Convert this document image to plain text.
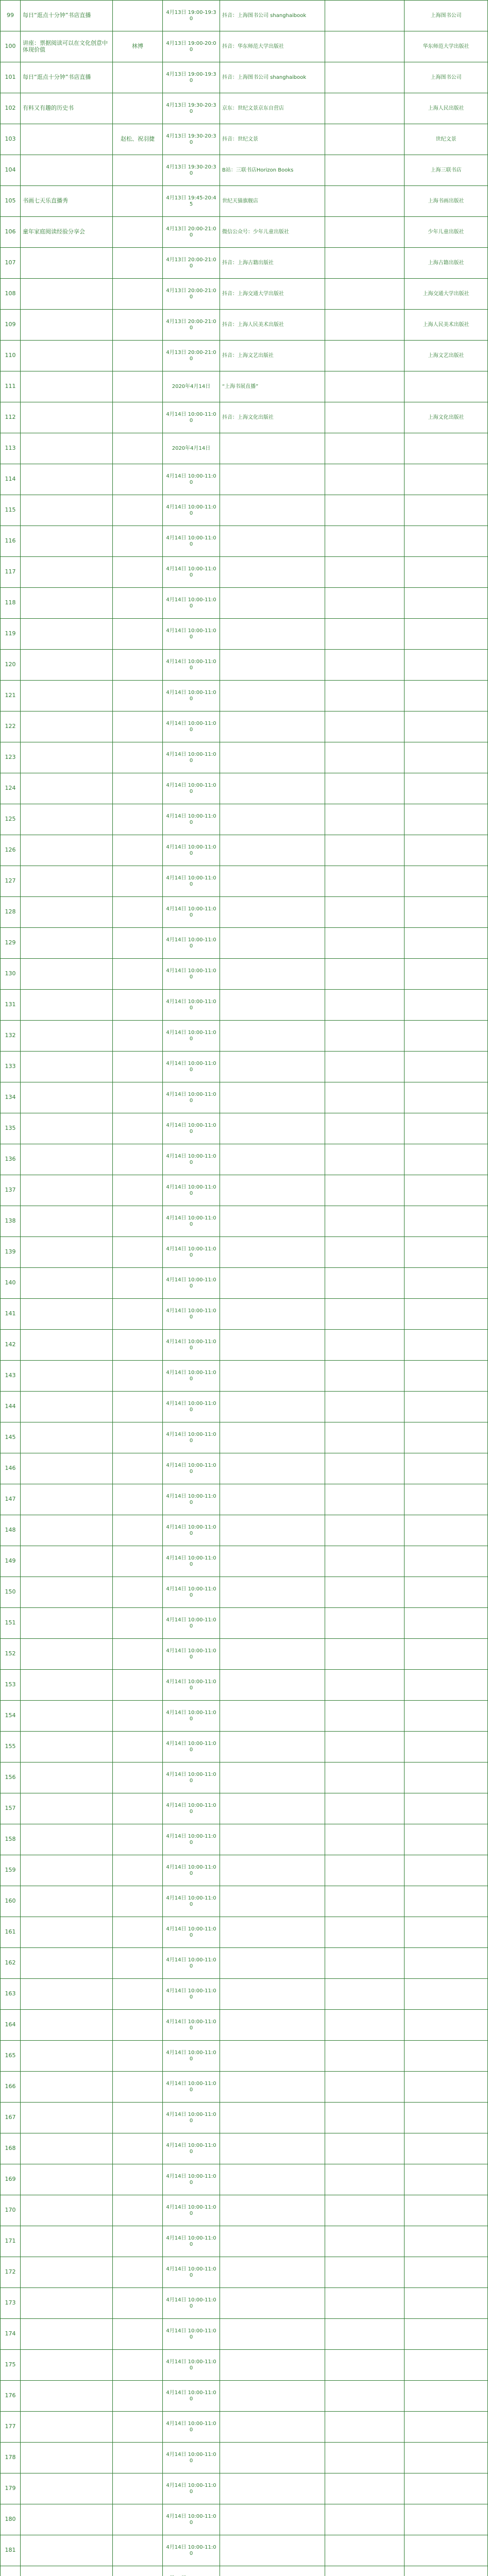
99	每日“逛点十分钟”书店直播		4月13日 19:00-19:30	抖音：上海图书公司 shanghaibook		上海图书公司
100	讲座：票据阅读可以在文化创意中体现价值	林博	4月13日 19:00-20:00	抖音：华东师范大学出版社		华东师范大学出版社
101	每日“逛点十分钟”书店直播		4月13日 19:00-19:30	抖音：上海图书公司 shanghaibook		上海图书公司
102	有料又有趣的历史书		4月13日 19:30-20:30	京东：世纪文景京东自营店		上海人民出版社
103		赵松、祝羽捷	4月13日 19:30-20:30	抖音：世纪文景		世纪文景
104			4月13日 19:30-20:30	B站：三联书店Horizon Books		上海三联书店
105	书画七天乐直播秀		4月13日 19:45-20:45	世纪天猫旗舰店		上海书画出版社
106	童年家庭阅读经验分享会		4月13日 20:00-21:00	微信公众号：少年儿童出版社		少年儿童出版社
107			4月13日 20:00-21:00	抖音：上海古籍出版社		上海古籍出版社
108			4月13日 20:00-21:00	抖音：上海交通大学出版社		上海交通大学出版社
109			4月13日 20:00-21:00	抖音：上海人民美术出版社		上海人民美术出版社
110			4月13日 20:00-21:00	抖音：上海文艺出版社		上海文艺出版社
111			2020年4月14日	“上海书展直播”		
112			4月14日 10:00-11:00	抖音：上海文化出版社		上海文化出版社
113			2020年4月14日			
114			4月14日 10:00-11:00			
115			4月14日 10:00-11:00			
116			4月14日 10:00-11:00			
117			4月14日 10:00-11:00			
118			4月14日 10:00-11:00			
119			4月14日 10:00-11:00			
120			4月14日 10:00-11:00			
121			4月14日 10:00-11:00			
122			4月14日 10:00-11:00			
123			4月14日 10:00-11:00			
124			4月14日 10:00-11:00			
125			4月14日 10:00-11:00			
126			4月14日 10:00-11:00			
127			4月14日 10:00-11:00			
128			4月14日 10:00-11:00			
129			4月14日 10:00-11:00			
130			4月14日 10:00-11:00			
131			4月14日 10:00-11:00			
132			4月14日 10:00-11:00			
133			4月14日 10:00-11:00			
134			4月14日 10:00-11:00			
135			4月14日 10:00-11:00			
136			4月14日 10:00-11:00			
137			4月14日 10:00-11:00			
138			4月14日 10:00-11:00			
139			4月14日 10:00-11:00			
140			4月14日 10:00-11:00			
141			4月14日 10:00-11:00			
142			4月14日 10:00-11:00			
143			4月14日 10:00-11:00			
144			4月14日 10:00-11:00			
145			4月14日 10:00-11:00			
146			4月14日 10:00-11:00			
147			4月14日 10:00-11:00			
148			4月14日 10:00-11:00			
149			4月14日 10:00-11:00			
150			4月14日 10:00-11:00			
151			4月14日 10:00-11:00			
152			4月14日 10:00-11:00			
153			4月14日 10:00-11:00			
154			4月14日 10:00-11:00			
155			4月14日 10:00-11:00			
156			4月14日 10:00-11:00			
157			4月14日 10:00-11:00			
158			4月14日 10:00-11:00			
159			4月14日 10:00-11:00			
160			4月14日 10:00-11:00			
161			4月14日 10:00-11:00			
162			4月14日 10:00-11:00			
163			4月14日 10:00-11:00			
164			4月14日 10:00-11:00			
165			4月14日 10:00-11:00			
166			4月14日 10:00-11:00			
167			4月14日 10:00-11:00			
168			4月14日 10:00-11:00			
169			4月14日 10:00-11:00			
170			4月14日 10:00-11:00			
171			4月14日 10:00-11:00			
172			4月14日 10:00-11:00			
173			4月14日 10:00-11:00			
174			4月14日 10:00-11:00			
175			4月14日 10:00-11:00			
176			4月14日 10:00-11:00			
177			4月14日 10:00-11:00			
178			4月14日 10:00-11:00			
179			4月14日 10:00-11:00			
180			4月14日 10:00-11:00			
181			4月14日 10:00-11:00			
